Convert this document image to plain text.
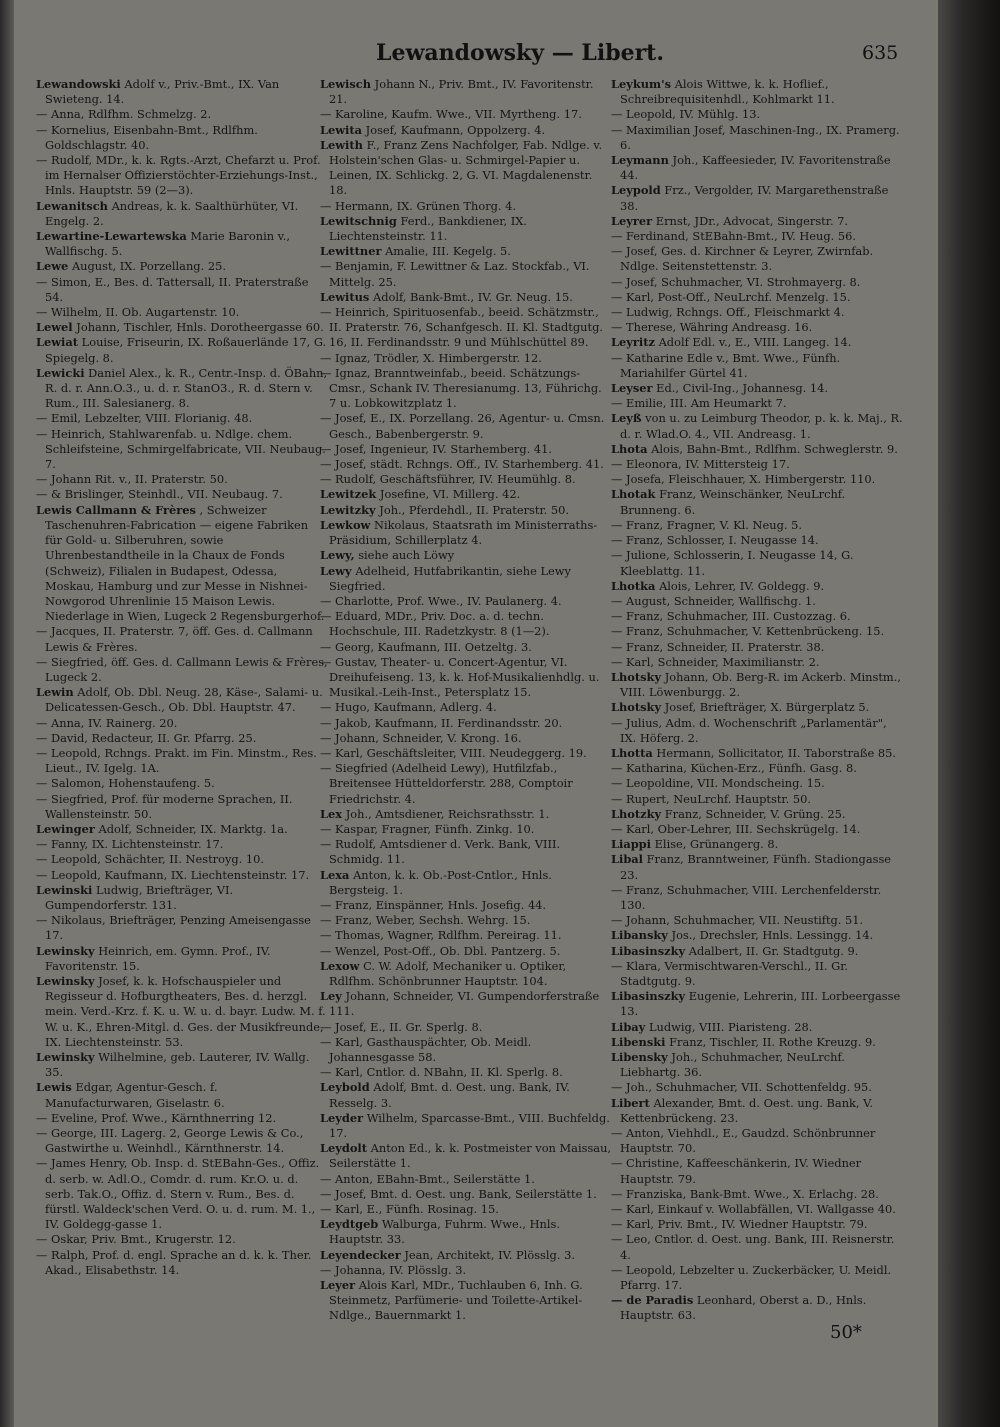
Lewandowsky — Libert.	635

Lewandowski Adolf v., Priv.-Bmt., IX. Van Swieteng. 14.

— Anna, Rdlfhm. Schmelzg. 2.

— Kornelius, Eisenbahn-Bmt., Rdlfhm. Goldschlagstr. 40.

— Rudolf, MDr., k. k. Rgts.-Arzt, Chefarzt u. Prof. im Hernalser Offizierstöchter-Erziehungs-Inst., Hnls. Hauptstr. 59 (2—3).

Lewanitsch Andreas, k. k. Saalthürhüter, VI. Engelg. 2.

Lewartine-Lewartewska Marie Baronin v., Wallfischg. 5.

Lewe August, IX. Porzellang. 25.

— Simon, E., Bes. d. Tattersall, II. Praterstraße 54.

— Wilhelm, II. Ob. Augartenstr. 10.

Lewel Johann, Tischler, Hnls. Dorotheergasse 60.

Lewiat Louise, Friseurin, IX. Roßauerlände 17, G. Spiegelg. 8.

Lewicki Daniel Alex., k. R., Centr.-Insp. d. ÖBahn, R. d. r. Ann.O.3., u. d. r. StanO3., R. d. Stern v. Rum., III. Salesianerg. 8.

— Emil, Lebzelter, VIII. Florianig. 48.

— Heinrich, Stahlwarenfab. u. Ndlge. chem. Schleifsteine, Schmirgelfabricate, VII. Neubaug. 7.

— Johann Rit. v., II. Praterstr. 50.

— & Brislinger, Steinhdl., VII. Neubaug. 7.

Lewis Callmann & Frères , Schweizer Taschenuhren-Fabrication — eigene Fabriken für Gold- u. Silberuhren, sowie Uhrenbestandtheile in la Chaux de Fonds (Schweiz), Filialen in Budapest, Odessa, Moskau, Hamburg und zur Messe in Nishnei-Nowgorod Uhrenlinie 15 Maison Lewis. Niederlage in Wien, Lugeck 2 Regensburgerhof.

— Jacques, II. Praterstr. 7, öff. Ges. d. Callmann Lewis & Frères.

— Siegfried, öff. Ges. d. Callmann Lewis & Frères, Lugeck 2.

Lewin Adolf, Ob. Dbl. Neug. 28, Käse-, Salami- u. Delicatessen-Gesch., Ob. Dbl. Hauptstr. 47.

— Anna, IV. Rainerg. 20.

— David, Redacteur, II. Gr. Pfarrg. 25.

— Leopold, Rchngs. Prakt. im Fin. Minstm., Res. Lieut., IV. Igelg. 1A.

— Salomon, Hohenstaufeng. 5.

— Siegfried, Prof. für moderne Sprachen, II. Wallensteinstr. 50.

Lewinger Adolf, Schneider, IX. Marktg. 1a.

— Fanny, IX. Lichtensteinstr. 17.

— Leopold, Schächter, II. Nestroyg. 10.

— Leopold, Kaufmann, IX. Liechtensteinstr. 17.

Lewinski Ludwig, Briefträger, VI. Gumpendorferstr. 131.

— Nikolaus, Briefträger, Penzing Ameisengasse 17.

Lewinsky Heinrich, em. Gymn. Prof., IV. Favoritenstr. 15.

Lewinsky Josef, k. k. Hofschauspieler und Regisseur d. Hofburgtheaters, Bes. d. herzgl. mein. Verd.-Krz. f. K. u. W. u. d. bayr. Ludw. M. f. W. u. K., Ehren-Mitgl. d. Ges. der Musikfreunde, IX. Liechtensteinstr. 53.

Lewinsky Wilhelmine, geb. Lauterer, IV. Wallg. 35.

Lewis Edgar, Agentur-Gesch. f. Manufacturwaren, Giselastr. 6.

— Eveline, Prof. Wwe., Kärnthnerring 12.

— George, III. Lagerg. 2, George Lewis & Co., Gastwirthe u. Weinhdl., Kärnthnerstr. 14.

— James Henry, Ob. Insp. d. StEBahn-Ges., Offiz. d. serb. w. Adl.O., Comdr. d. rum. Kr.O. u. d. serb. Tak.O., Offiz. d. Stern v. Rum., Bes. d. fürstl. Waldeck'schen Verd. O. u. d. rum. M. 1., IV. Goldegg-gasse 1.

— Oskar, Priv. Bmt., Krugerstr. 12.

— Ralph, Prof. d. engl. Sprache an d. k. k. Ther. Akad., Elisabethstr. 14.

Lewisch Johann N., Priv. Bmt., IV. Favoritenstr. 21.

— Karoline, Kaufm. Wwe., VII. Myrtheng. 17.

Lewita Josef, Kaufmann, Oppolzerg. 4.

Lewith F., Franz Zens Nachfolger, Fab. Ndlge. v. Holstein'schen Glas- u. Schmirgel-Papier u. Leinen, IX. Schlickg. 2, G. VI. Magdalenenstr. 18.

— Hermann, IX. Grünen Thorg. 4.

Lewitschnig Ferd., Bankdiener, IX. Liechtensteinstr. 11.

Lewittner Amalie, III. Kegelg. 5.

— Benjamin, F. Lewittner & Laz. Stockfab., VI. Mittelg. 25.

Lewitus Adolf, Bank-Bmt., IV. Gr. Neug. 15.

— Heinrich, Spirituosenfab., beeid. Schätzmstr., II. Praterstr. 76, Schanfgesch. II. Kl. Stadtgutg. 16, II. Ferdinandsstr. 9 und Mühlschüttel 89.

— Ignaz, Trödler, X. Himbergerstr. 12.

— Ignaz, Branntweinfab., beeid. Schätzungs-Cmsr., Schank IV. Theresianumg. 13, Führichg. 7 u. Lobkowitzplatz 1.

— Josef, E., IX. Porzellang. 26, Agentur- u. Cmsn. Gesch., Babenbergerstr. 9.

— Josef, Ingenieur, IV. Starhemberg. 41.

— Josef, städt. Rchngs. Off., IV. Starhemberg. 41.

— Rudolf, Geschäftsführer, IV. Heumühlg. 8.

Lewitzek Josefine, VI. Millerg. 42.

Lewitzky Joh., Pferdehdl., II. Praterstr. 50.

Lewkow Nikolaus, Staatsrath im Ministerraths-Präsidium, Schillerplatz 4.

Lewy, siehe auch Löwy

Lewy Adelheid, Hutfabrikantin, siehe Lewy Siegfried.

— Charlotte, Prof. Wwe., IV. Paulanerg. 4.

— Eduard, MDr., Priv. Doc. a. d. techn. Hochschule, III. Radetzkystr. 8 (1—2).

— Georg, Kaufmann, III. Oetzeltg. 3.

— Gustav, Theater- u. Concert-Agentur, VI. Dreihufeiseng. 13, k. k. Hof-Musikalienhdlg. u. Musikal.-Leih-Inst., Petersplatz 15.

— Hugo, Kaufmann, Adlerg. 4.

— Jakob, Kaufmann, II. Ferdinandsstr. 20.

— Johann, Schneider, V. Krong. 16.

— Karl, Geschäftsleiter, VIII. Neudeggerg. 19.

— Siegfried (Adelheid Lewy), Hutfilzfab., Breitensee Hütteldorferstr. 288, Comptoir Friedrichstr. 4.

Lex Joh., Amtsdiener, Reichsrathsstr. 1.

— Kaspar, Fragner, Fünfh. Zinkg. 10.

— Rudolf, Amtsdiener d. Verk. Bank, VIII. Schmidg. 11.

Lexa Anton, k. k. Ob.-Post-Cntlor., Hnls. Bergsteig. 1.

— Franz, Einspänner, Hnls. Josefig. 44.

— Franz, Weber, Sechsh. Wehrg. 15.

— Thomas, Wagner, Rdlfhm. Pereirag. 11.

— Wenzel, Post-Off., Ob. Dbl. Pantzerg. 5.

Lexow C. W. Adolf, Mechaniker u. Optiker, Rdlfhm. Schönbrunner Hauptstr. 104.

Ley Johann, Schneider, VI. Gumpendorferstraße 111.

— Josef, E., II. Gr. Sperlg. 8.

— Karl, Gasthauspächter, Ob. Meidl. Johannesgasse 58.

— Karl, Cntlor. d. NBahn, II. Kl. Sperlg. 8.

Leybold Adolf, Bmt. d. Oest. ung. Bank, IV. Resselg. 3.

Leyder Wilhelm, Sparcasse-Bmt., VIII. Buchfeldg. 17.

Leydolt Anton Ed., k. k. Postmeister von Maissau, Seilerstätte 1.

— Anton, EBahn-Bmt., Seilerstätte 1.

— Josef, Bmt. d. Oest. ung. Bank, Seilerstätte 1.

— Karl, E., Fünfh. Rosinag. 15.

Leydtgeb Walburga, Fuhrm. Wwe., Hnls. Hauptstr. 33.

Leyendecker Jean, Architekt, IV. Plösslg. 3.

— Johanna, IV. Plösslg. 3.

Leyer Alois Karl, MDr., Tuchlauben 6, Inh. G. Steinmetz, Parfümerie- und Toilette-Artikel-Ndlge., Bauernmarkt 1.

Leykum's Alois Wittwe, k. k. Hoflief., Schreibrequisitenhdl., Kohlmarkt 11.

— Leopold, IV. Mühlg. 13.

— Maximilian Josef, Maschinen-Ing., IX. Pramerg. 6.

Leymann Joh., Kaffeesieder, IV. Favoritenstraße 44.

Leypold Frz., Vergolder, IV. Margarethenstraße 38.

Leyrer Ernst, JDr., Advocat, Singerstr. 7.

— Ferdinand, StEBahn-Bmt., IV. Heug. 56.

— Josef, Ges. d. Kirchner & Leyrer, Zwirnfab. Ndlge. Seitenstettenstr. 3.

— Josef, Schuhmacher, VI. Strohmayerg. 8.

— Karl, Post-Off., NeuLrchf. Menzelg. 15.

— Ludwig, Rchngs. Off., Fleischmarkt 4.

— Therese, Währing Andreasg. 16.

Leyritz Adolf Edl. v., E., VIII. Langeg. 14.

— Katharine Edle v., Bmt. Wwe., Fünfh. Mariahilfer Gürtel 41.

Leyser Ed., Civil-Ing., Johannesg. 14.

— Emilie, III. Am Heumarkt 7.

Leyß von u. zu Leimburg Theodor, p. k. k. Maj., R. d. r. Wlad.O. 4., VII. Andreasg. 1.

Lhota Alois, Bahn-Bmt., Rdlfhm. Schweglerstr. 9.

— Eleonora, IV. Mittersteig 17.

— Josefa, Fleischhauer, X. Himbergerstr. 110.

Lhotak Franz, Weinschänker, NeuLrchf. Brunneng. 6.

— Franz, Fragner, V. Kl. Neug. 5.

— Franz, Schlosser, I. Neugasse 14.

— Julione, Schlosserin, I. Neugasse 14, G. Kleeblattg. 11.

Lhotka Alois, Lehrer, IV. Goldegg. 9.

— August, Schneider, Wallfischg. 1.

— Franz, Schuhmacher, III. Custozzag. 6.

— Franz, Schuhmacher, V. Kettenbrückeng. 15.

— Franz, Schneider, II. Praterstr. 38.

— Karl, Schneider, Maximilianstr. 2.

Lhotsky Johann, Ob. Berg-R. im Ackerb. Minstm., VIII. Löwenburgg. 2.

Lhotsky Josef, Briefträger, X. Bürgerplatz 5.

— Julius, Adm. d. Wochenschrift „Parlamentär", IX. Höferg. 2.

Lhotta Hermann, Sollicitator, II. Taborstraße 85.

— Katharina, Küchen-Erz., Fünfh. Gasg. 8.

— Leopoldine, VII. Mondscheing. 15.

— Rupert, NeuLrchf. Hauptstr. 50.

Lhotzky Franz, Schneider, V. Grüng. 25.

— Karl, Ober-Lehrer, III. Sechskrügelg. 14.

Liappi Elise, Grünangerg. 8.

Libal Franz, Branntweiner, Fünfh. Stadiongasse 23.

— Franz, Schuhmacher, VIII. Lerchenfelderstr. 130.

— Johann, Schuhmacher, VII. Neustiftg. 51.

Libansky Jos., Drechsler, Hnls. Lessingg. 14.

Libasinszky Adalbert, II. Gr. Stadtgutg. 9.

— Klara, Vermischtwaren-Verschl., II. Gr. Stadtgutg. 9.

Libasinszky Eugenie, Lehrerin, III. Lorbeergasse 13.

Libay Ludwig, VIII. Piaristeng. 28.

Libenski Franz, Tischler, II. Rothe Kreuzg. 9.

Libensky Joh., Schuhmacher, NeuLrchf. Liebhartg. 36.

— Joh., Schuhmacher, VII. Schottenfeldg. 95.

Libert Alexander, Bmt. d. Oest. ung. Bank, V. Kettenbrückeng. 23.

— Anton, Viehhdl., E., Gaudzd. Schönbrunner Hauptstr. 70.

— Christine, Kaffeeschänkerin, IV. Wiedner Hauptstr. 79.

— Franziska, Bank-Bmt. Wwe., X. Erlachg. 28.

— Karl, Einkauf v. Wollabfällen, VI. Wallgasse 40.

— Karl, Priv. Bmt., IV. Wiedner Hauptstr. 79.

— Leo, Cntlor. d. Oest. ung. Bank, III. Reisnerstr. 4.

— Leopold, Lebzelter u. Zuckerbäcker, U. Meidl. Pfarrg. 17.

— de Paradis Leonhard, Oberst a. D., Hnls. Hauptstr. 63.

50*
